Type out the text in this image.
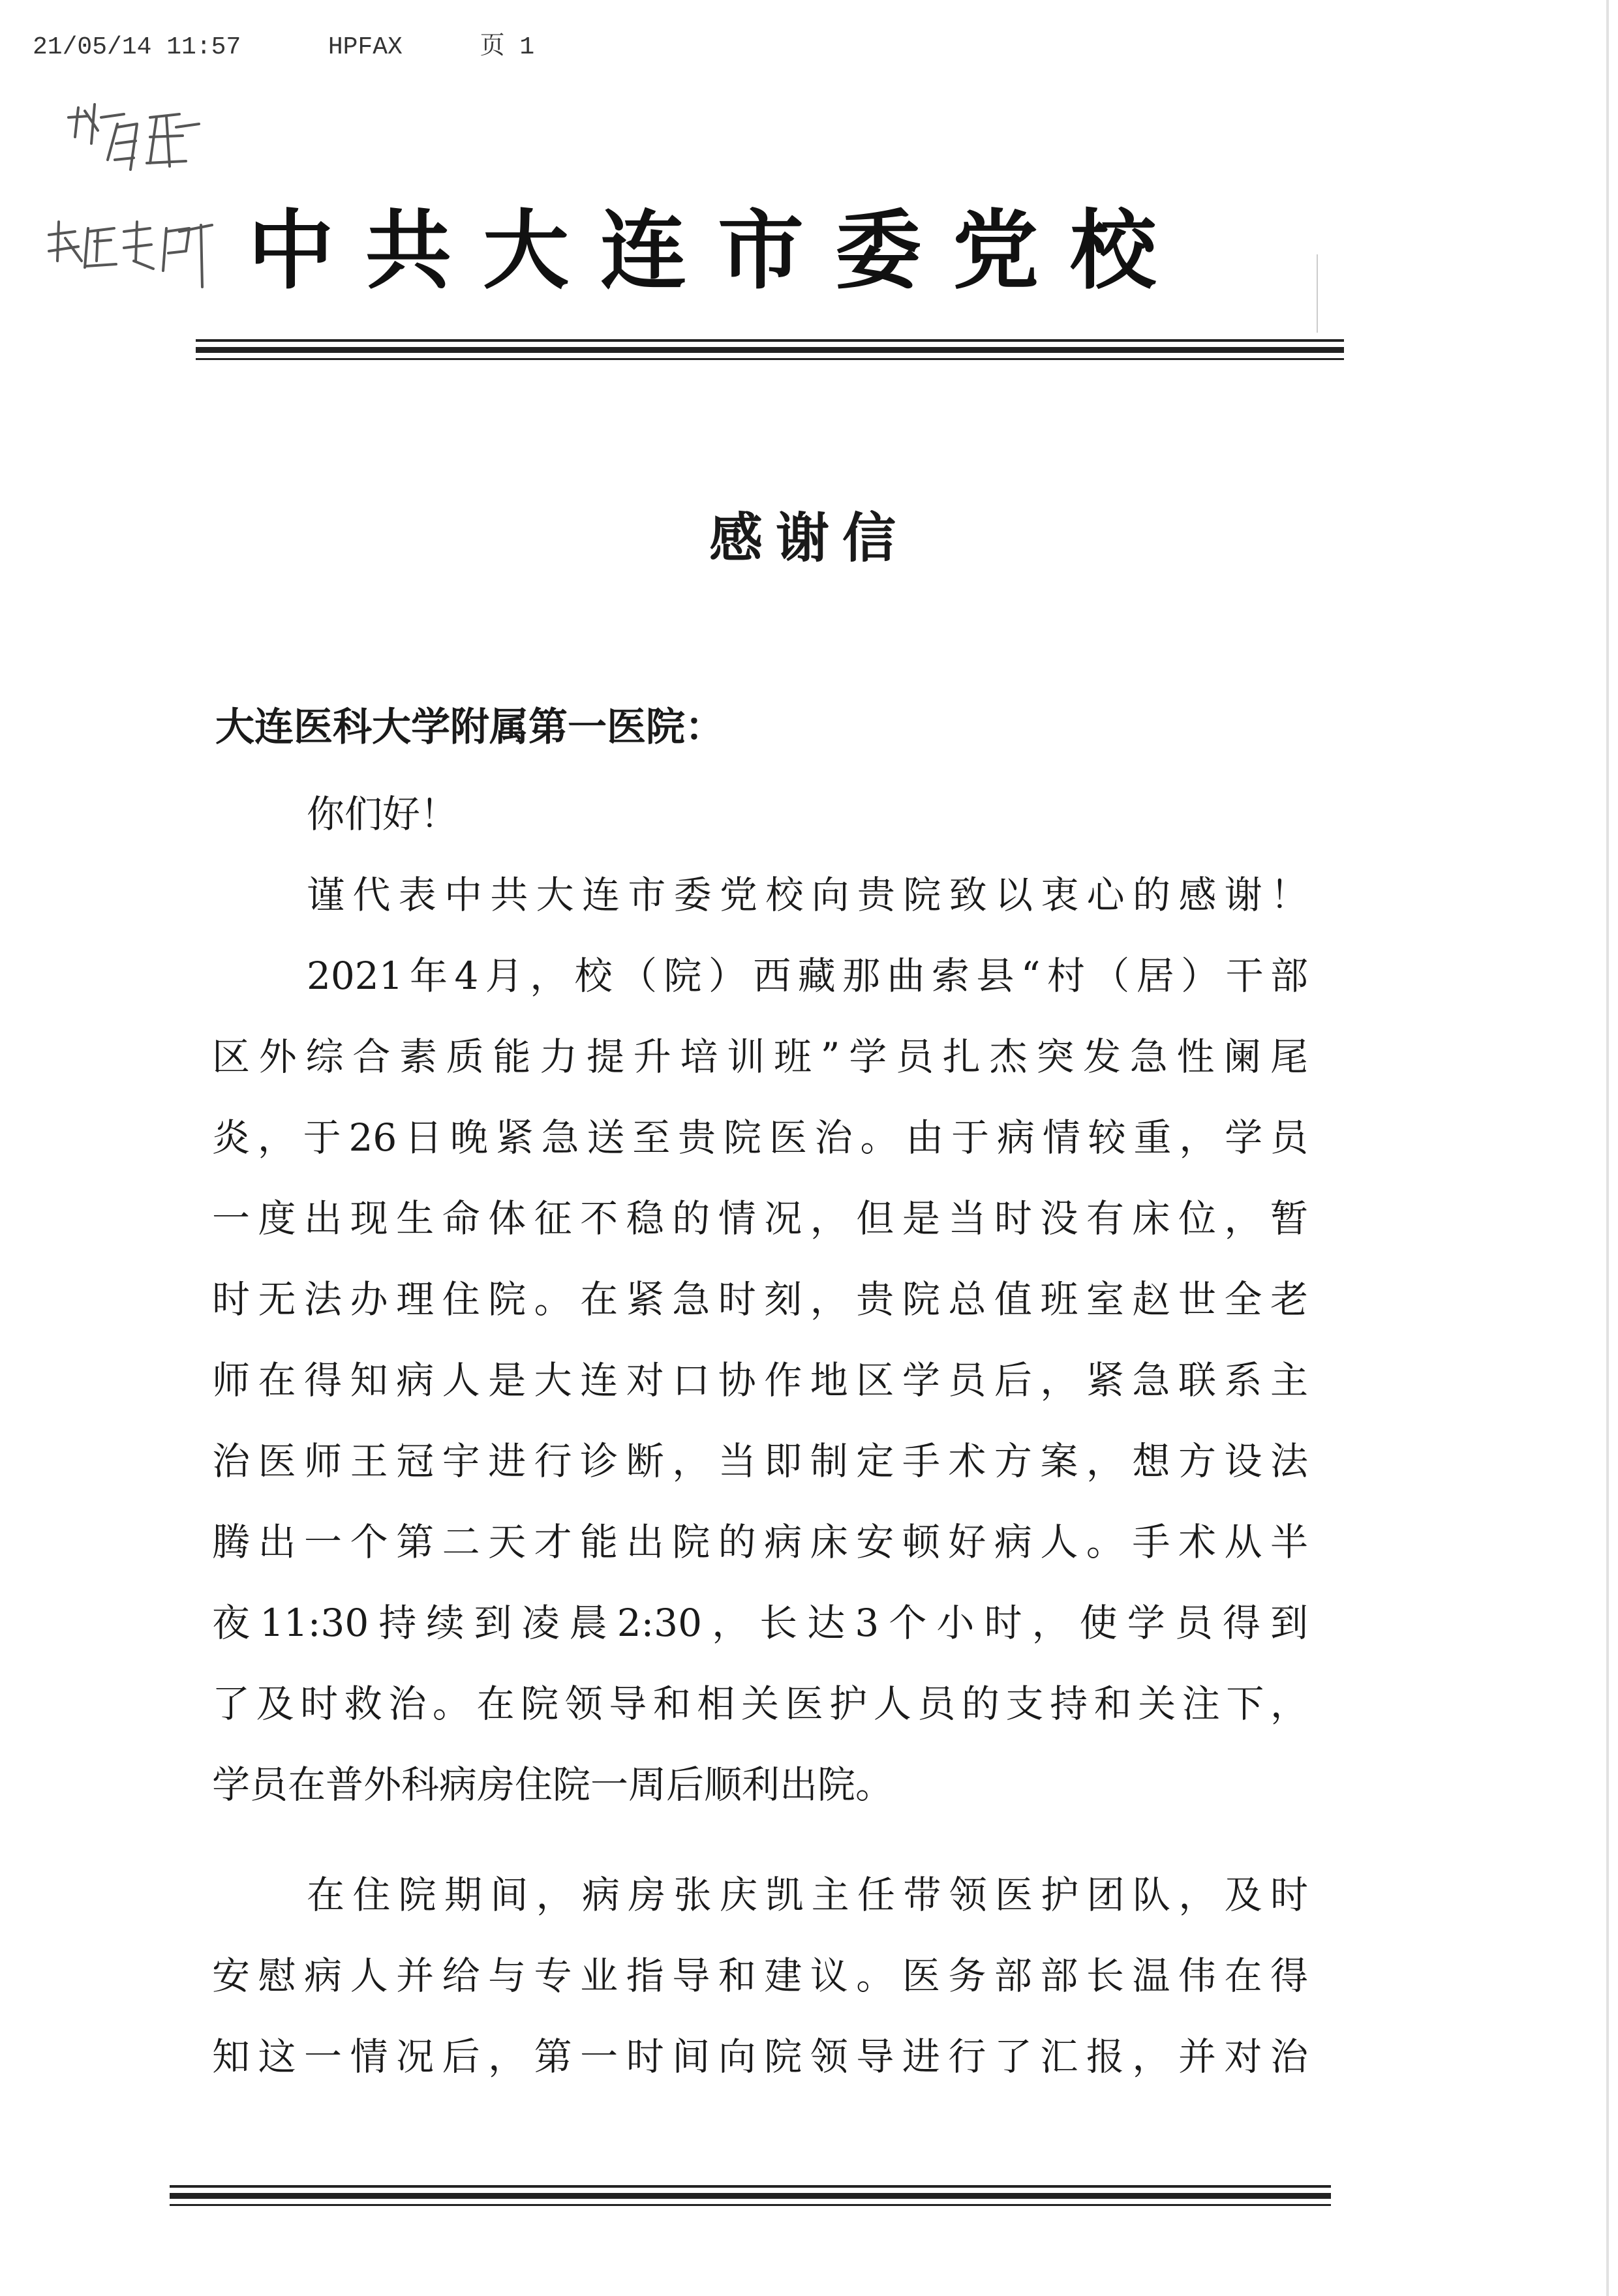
21/05/14 11:57	HPFAX	页 1
中共大连市委党校
感谢信
大连医科大学附属第一医院：
你们好！
谨代表中共大连市委党校向贵院致以衷心的感谢！
2021年4月，校（院）西藏那曲索县“村（居）干部
区外综合素质能力提升培训班”学员扎杰突发急性阑尾
炎，于26日晚紧急送至贵院医治。由于病情较重，学员
一度出现生命体征不稳的情况，但是当时没有床位，暂
时无法办理住院。在紧急时刻，贵院总值班室赵世全老
师在得知病人是大连对口协作地区学员后，紧急联系主
治医师王冠宇进行诊断，当即制定手术方案，想方设法
腾出一个第二天才能出院的病床安顿好病人。手术从半
夜11:30持续到凌晨2:30，长达3个小时，使学员得到
了及时救治。在院领导和相关医护人员的支持和关注下，
学员在普外科病房住院一周后顺利出院。
在住院期间，病房张庆凯主任带领医护团队，及时
安慰病人并给与专业指导和建议。医务部部长温伟在得
知这一情况后，第一时间向院领导进行了汇报，并对治
